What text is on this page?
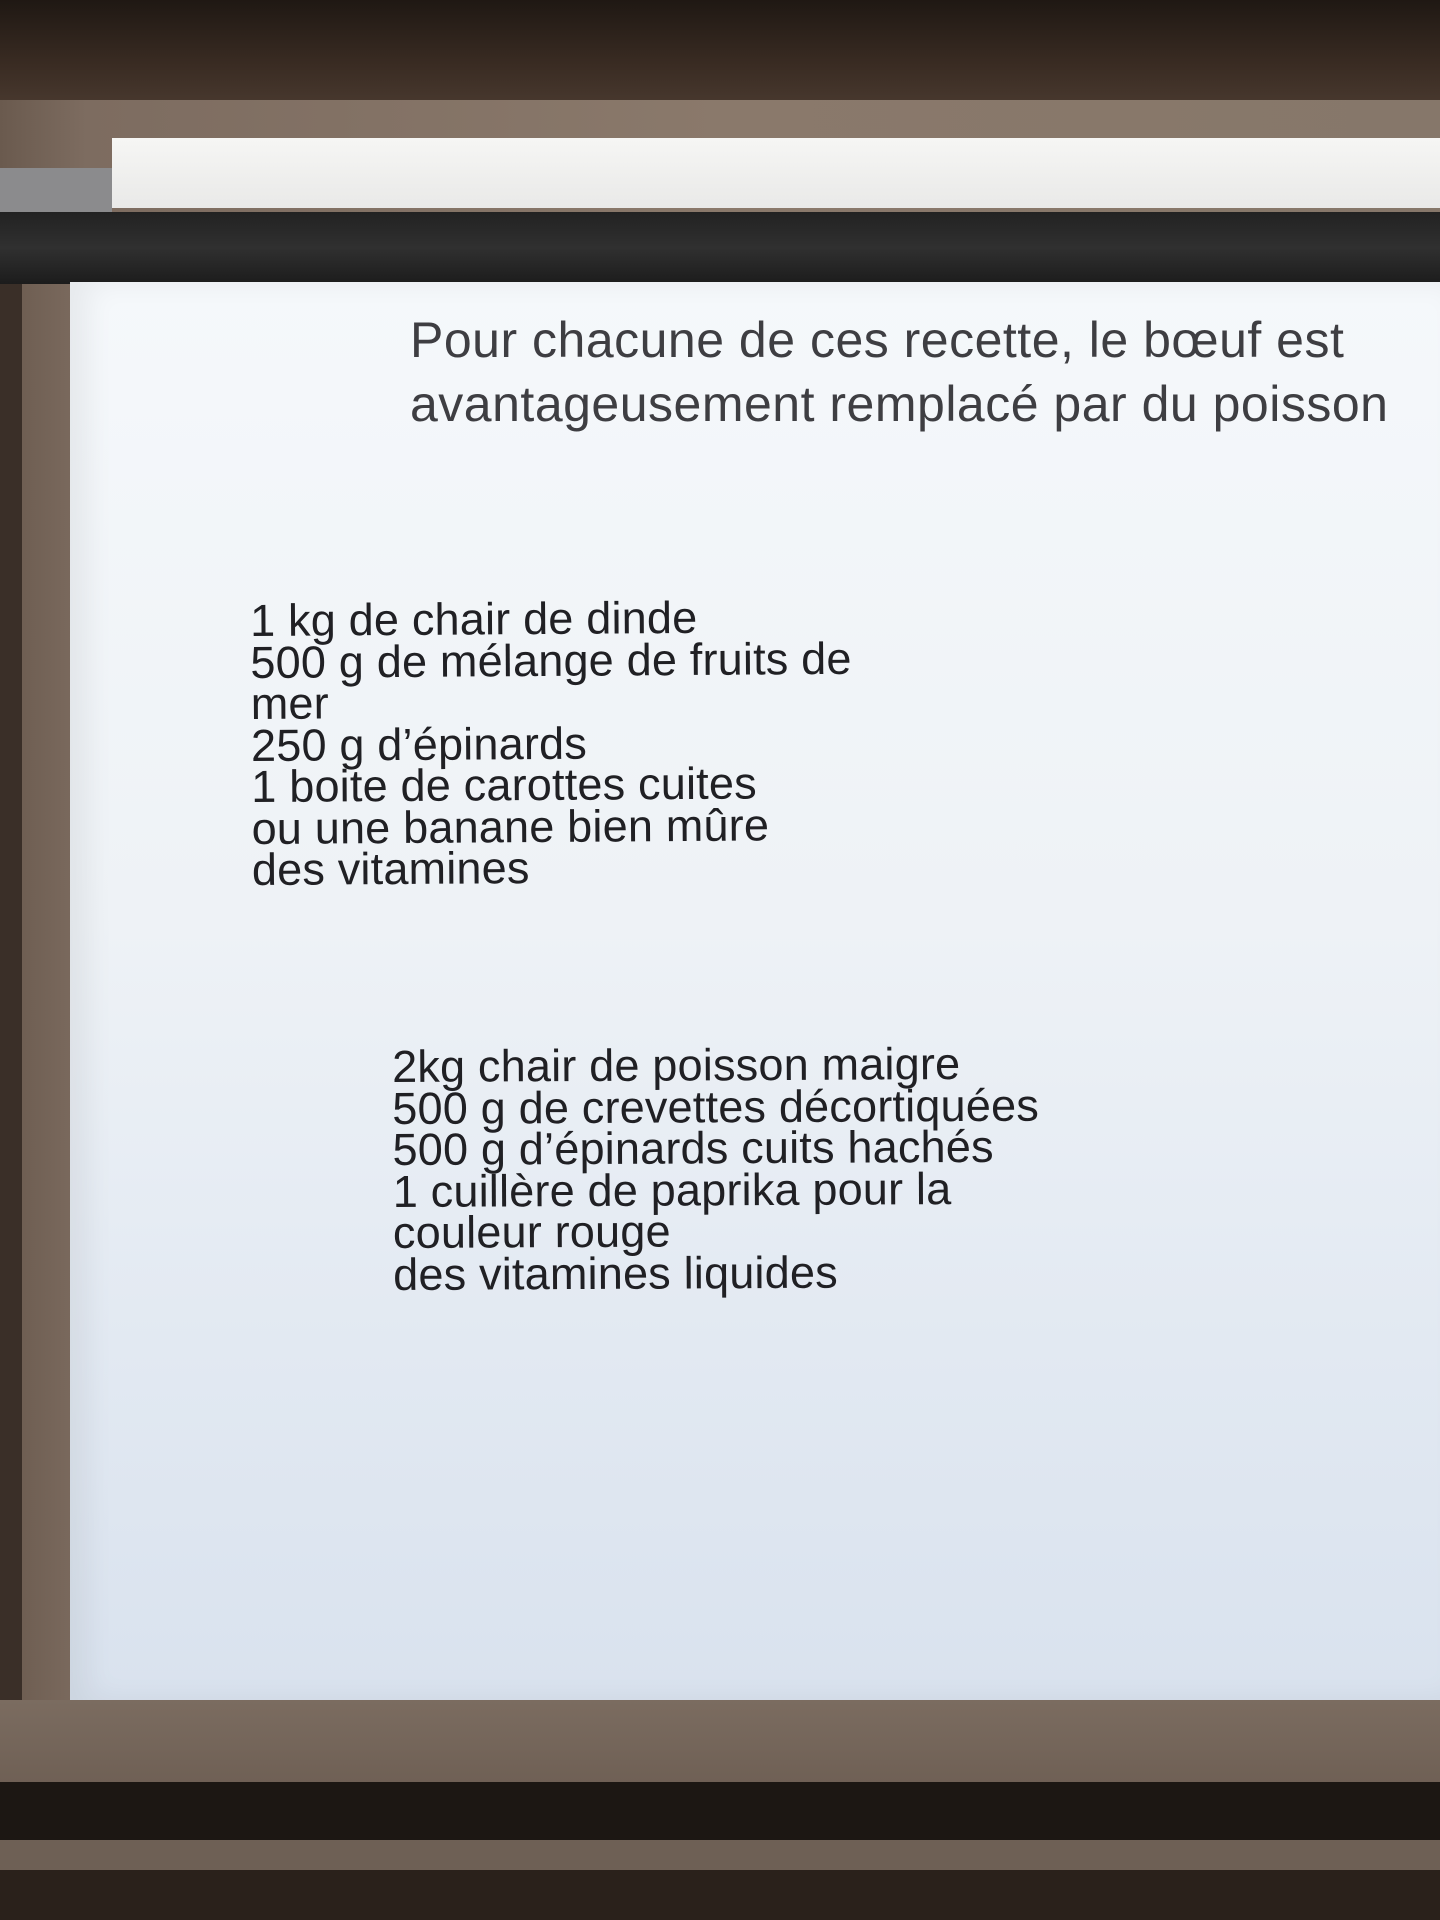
Pour chacune de ces recette, le bœuf est
avantageusement remplacé par du poisson
1 kg de chair de dinde
500 g de mélange de fruits de
mer
250 g d’épinards
1 boite de carottes cuites
ou une banane bien mûre
des vitamines
2kg chair de poisson maigre
500 g de crevettes décortiquées
500 g d’épinards cuits hachés
1 cuillère de paprika pour la
couleur rouge
des vitamines liquides
